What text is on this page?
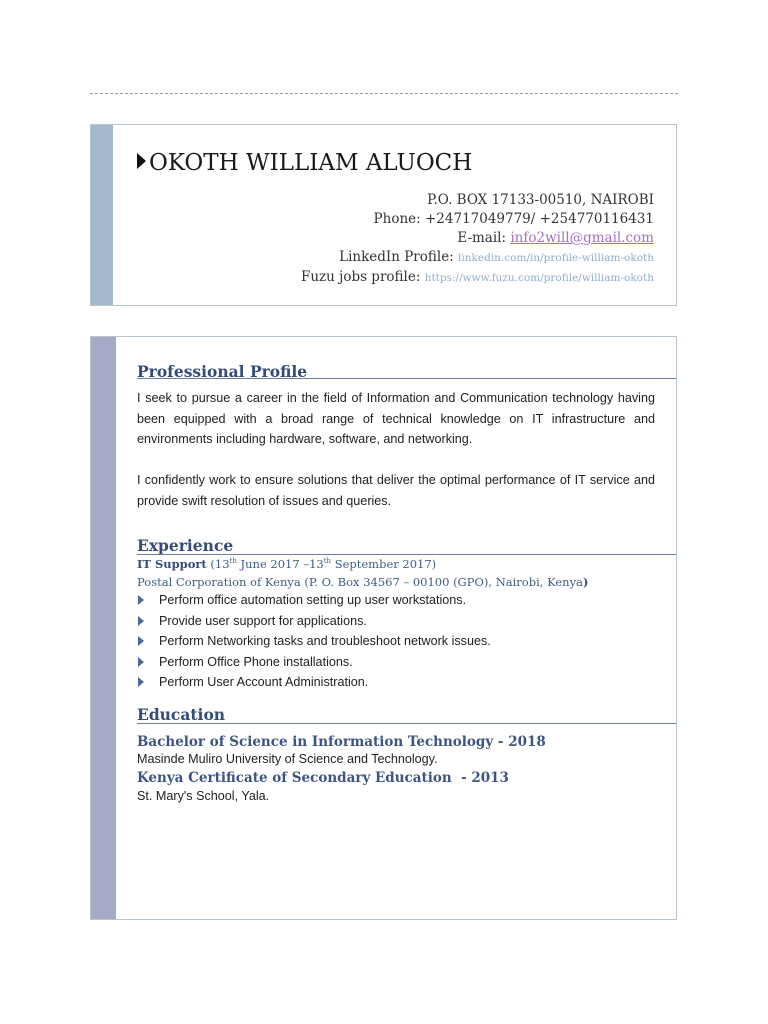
OKOTH WILLIAM ALUOCH
P.O. BOX 17133-00510, NAIROBI
Phone: +24717049779/ +254770116431
E-mail: info2will@gmail.com
LinkedIn Profile: linkedin.com/in/profile-william-okoth
Fuzu jobs profile: https://www.fuzu.com/profile/william-okoth
Professional Profile
I seek to pursue a career in the field of Information and Communication technology having been equipped with a broad range of technical knowledge on IT infrastructure and environments including hardware, software, and networking.
I confidently work to ensure solutions that deliver the optimal performance of IT service and provide swift resolution of issues and queries.
Experience
IT Support (13th June 2017 –13th September 2017)
Postal Corporation of Kenya (P. O. Box 34567 – 00100 (GPO), Nairobi, Kenya)
Perform office automation setting up user workstations.
Provide user support for applications.
Perform Networking tasks and troubleshoot network issues.
Perform Office Phone installations.
Perform User Account Administration.
Education
Bachelor of Science in Information Technology - 2018
Masinde Muliro University of Science and Technology.
Kenya Certificate of Secondary Education  - 2013
St. Mary's School, Yala.
